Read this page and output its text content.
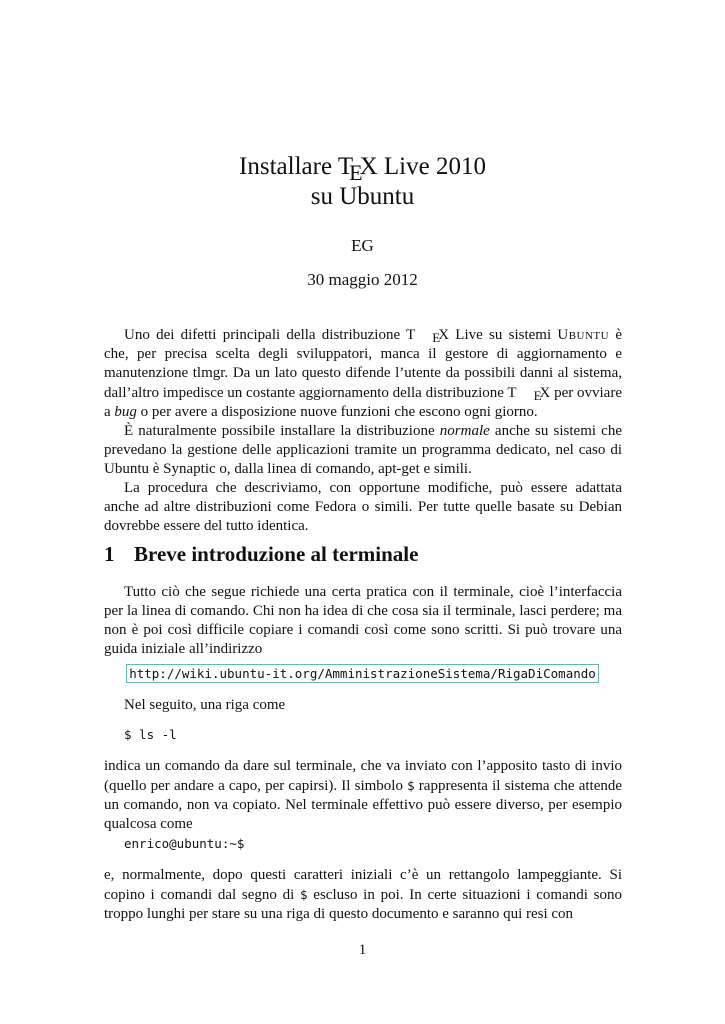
Installare TEX Live 2010
su Ubuntu
EG
30 maggio 2012

Uno dei difetti principali della distribuzione T EX Live su sistemi Ubuntu è che, per precisa scelta degli sviluppatori, manca il gestore di aggiornamento e manutenzione tlmgr. Da un lato questo difende l’utente da possibili danni al sistema, dall’altro impedisce un costante aggiornamento della distribuzione T EX per ovviare a bug o per avere a disposizione nuove funzioni che escono ogni giorno.

È naturalmente possibile installare la distribuzione normale anche su sistemi che prevedano la gestione delle applicazioni tramite un programma dedicato, nel caso di Ubuntu è Synaptic o, dalla linea di comando, apt-get e simili.

La procedura che descriviamo, con opportune modifiche, può essere adattata anche ad altre distribuzioni come Fedora o simili. Per tutte quelle basate su Debian dovrebbe essere del tutto identica.

1 Breve introduzione al terminale

Tutto ciò che segue richiede una certa pratica con il terminale, cioè l’interfaccia per la linea di comando. Chi non ha idea di che cosa sia il terminale, lasci perdere; ma non è poi così difficile copiare i comandi così come sono scritti. Si può trovare una guida iniziale all’indirizzo

http://wiki.ubuntu-it.org/AmministrazioneSistema/RigaDiComando

Nel seguito, una riga come

$ ls -l

indica un comando da dare sul terminale, che va inviato con l’apposito tasto di invio (quello per andare a capo, per capirsi). Il simbolo $ rappresenta il sistema che attende un comando, non va copiato. Nel terminale effettivo può essere diverso, per esempio qualcosa come

enrico@ubuntu:~$

e, normalmente, dopo questi caratteri iniziali c’è un rettangolo lampeggiante. Si copino i comandi dal segno di $ escluso in poi. In certe situazioni i comandi sono troppo lunghi per stare su una riga di questo documento e saranno qui resi con

1
